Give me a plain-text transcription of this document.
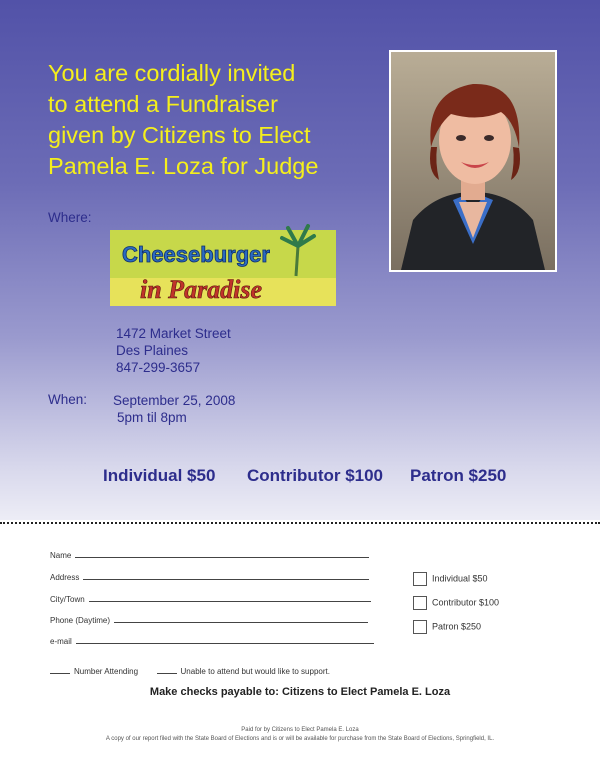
You are cordially invited
to attend a Fundraiser
given by Citizens to Elect
Pamela E. Loza for Judge
Where:
Cheeseburger
in Paradise
1472 Market Street
Des Plaines
847-299-3657
When: September 25, 2008
5pm til 8pm
Individual $50 Contributor $100 Patron $250
Name
Address
City/Town
Phone (Daytime)
e-mail
Individual $50
Contributor $100
Patron $250
Number Attending	Unable to attend but would like to support.
Make checks payable to: Citizens to Elect Pamela E. Loza
Paid for by Citizens to Elect Pamela E. Loza
A copy of our report filed with the State Board of Elections and is or will be available for purchase from the State Board of Elections, Springfield, IL.
